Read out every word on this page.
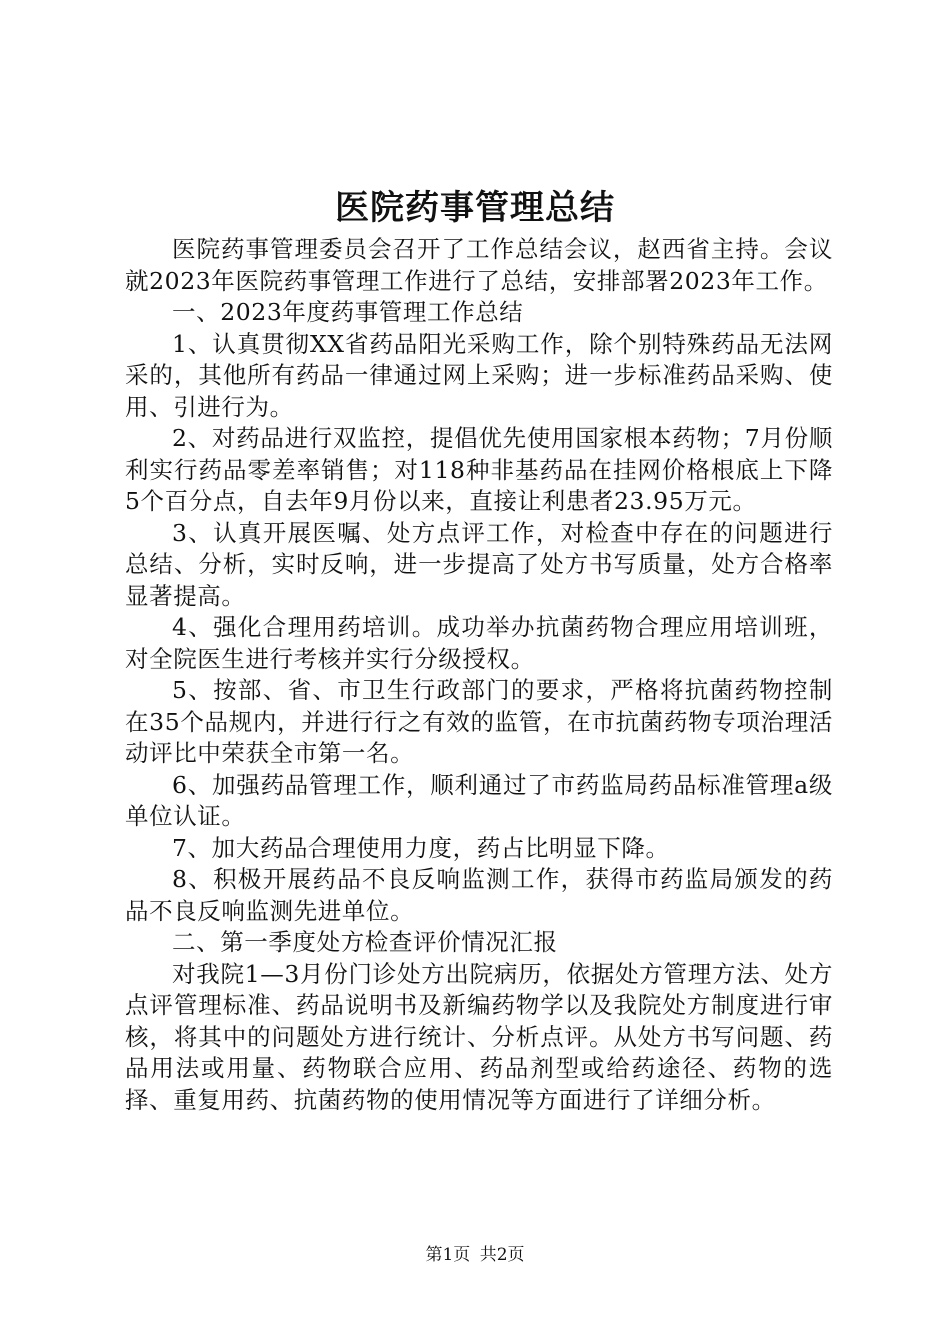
医院药事管理总结

医院药事管理委员会召开了工作总结会议，赵西省主持。会议就2023年医院药事管理工作进行了总结，安排部署2023年工作。

一、2023年度药事管理工作总结

1、认真贯彻XX省药品阳光采购工作，除个别特殊药品无法网采的，其他所有药品一律通过网上采购；进一步标准药品采购、使用、引进行为。

2、对药品进行双监控，提倡优先使用国家根本药物；7月份顺利实行药品零差率销售；对118种非基药品在挂网价格根底上下降5个百分点，自去年9月份以来，直接让利患者23.95万元。

3、认真开展医嘱、处方点评工作，对检查中存在的问题进行总结、分析，实时反响，进一步提高了处方书写质量，处方合格率显著提高。

4、强化合理用药培训。成功举办抗菌药物合理应用培训班，对全院医生进行考核并实行分级授权。

5、按部、省、市卫生行政部门的要求，严格将抗菌药物控制在35个品规内，并进行行之有效的监管，在市抗菌药物专项治理活动评比中荣获全市第一名。

6、加强药品管理工作，顺利通过了市药监局药品标准管理a级单位认证。

7、加大药品合理使用力度，药占比明显下降。

8、积极开展药品不良反响监测工作，获得市药监局颁发的药品不良反响监测先进单位。

二、第一季度处方检查评价情况汇报

对我院1—3月份门诊处方出院病历，依据处方管理方法、处方点评管理标准、药品说明书及新编药物学以及我院处方制度进行审核，将其中的问题处方进行统计、分析点评。从处方书写问题、药品用法或用量、药物联合应用、药品剂型或给药途径、药物的选择、重复用药、抗菌药物的使用情况等方面进行了详细分析。

第1页 共2页
